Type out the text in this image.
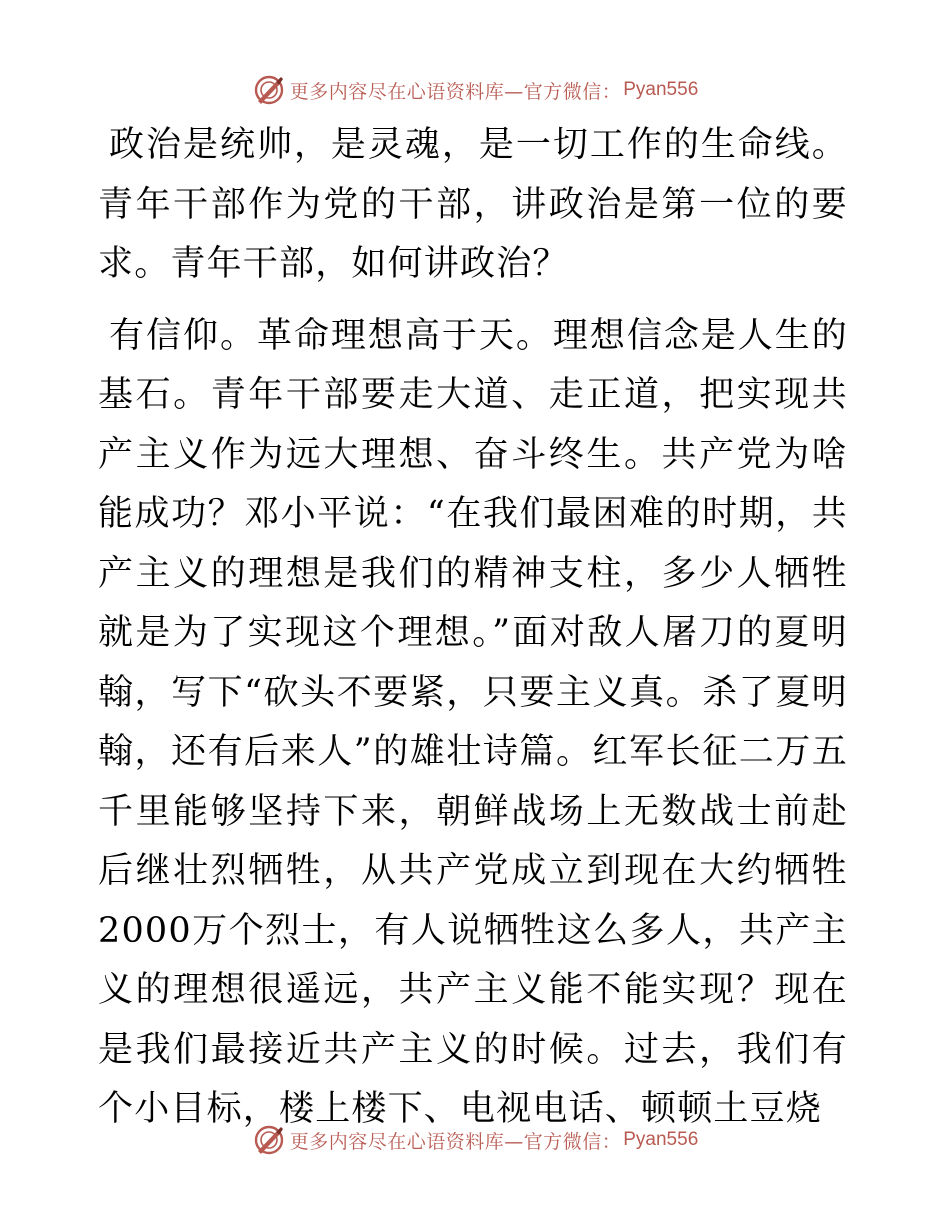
更多内容尽在心语资料库—官方微信： Pyan556

政治是统帅，是灵魂，是一切工作的生命线。青年干部作为党的干部，讲政治是第一位的要求。青年干部，如何讲政治？

有信仰。革命理想高于天。理想信念是人生的基石。青年干部要走大道、走正道，把实现共产主义作为远大理想、奋斗终生。共产党为啥能成功？邓小平说：“在我们最困难的时期，共产主义的理想是我们的精神支柱，多少人牺牲就是为了实现这个理想。”面对敌人屠刀的夏明翰，写下“砍头不要紧，只要主义真。杀了夏明翰，还有后来人”的雄壮诗篇。红军长征二万五千里能够坚持下来，朝鲜战场上无数战士前赴后继壮烈牺牲，从共产党成立到现在大约牺牲2000万个烈士，有人说牺牲这么多人，共产主义的理想很遥远，共产主义能不能实现？现在是我们最接近共产主义的时候。过去，我们有个小目标，楼上楼下、电视电话、顿顿土豆烧

更多内容尽在心语资料库—官方微信： Pyan556
